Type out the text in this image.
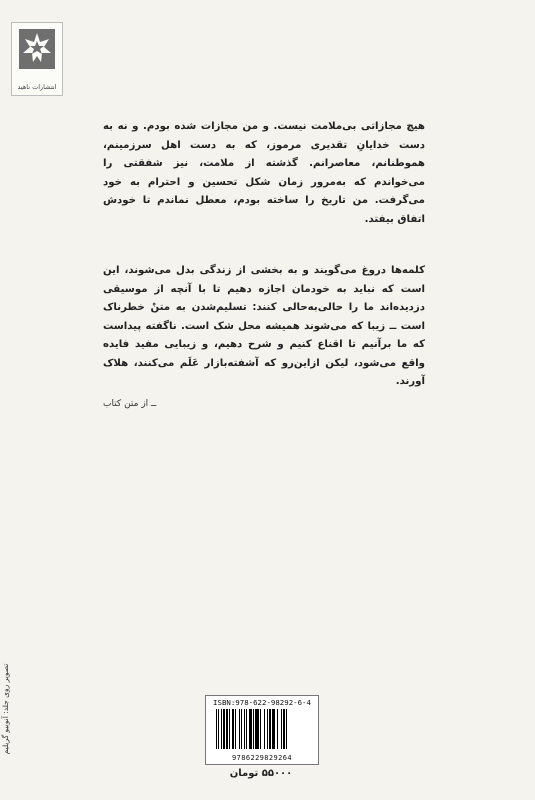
انتشارات ناهید
هیچ مجازاتی بی‌ملامت نیست. و من مجازات شده بودم. و نه به دست خدایانِ تقدیری مرموز، که به دست اهل سرزمینم، هموطنانم، معاصرانم. گذشته از ملامت، نیز شفقتی را می‌خواندم که به‌مرور زمان شکل تحسین و احترام به خود می‌گرفت. من تاریخ را ساخته بودم، معطل نماندم تا خودش اتفاق بیفتد.
کلمه‌ها دروغ می‌گویند و به بخشی از زندگی بدل می‌شوند، این است که نباید به خودمان اجازه دهیم تا با آنچه از موسیقی دزدیده‌اند ما را حالی‌به‌حالی کنند: تسلیم‌شدن به متنْ خطرناک است ــ زیبا که می‌شوند همیشه محل شک است. ناگفته پیداست که ما برآنیم تا اقناع کنیم و شرح دهیم، و زیبایی مفید فایده واقع می‌شود، لیکن ازاین‌رو که آشفته‌بازار عَلَم می‌کنند، هلاک آورند.
ــ از متن کتاب
تصویر روی جلد: آنوبیو گریلیم	ISBN:978-622-98292-6-4
9786229829264
۵۵۰۰۰ تومان
